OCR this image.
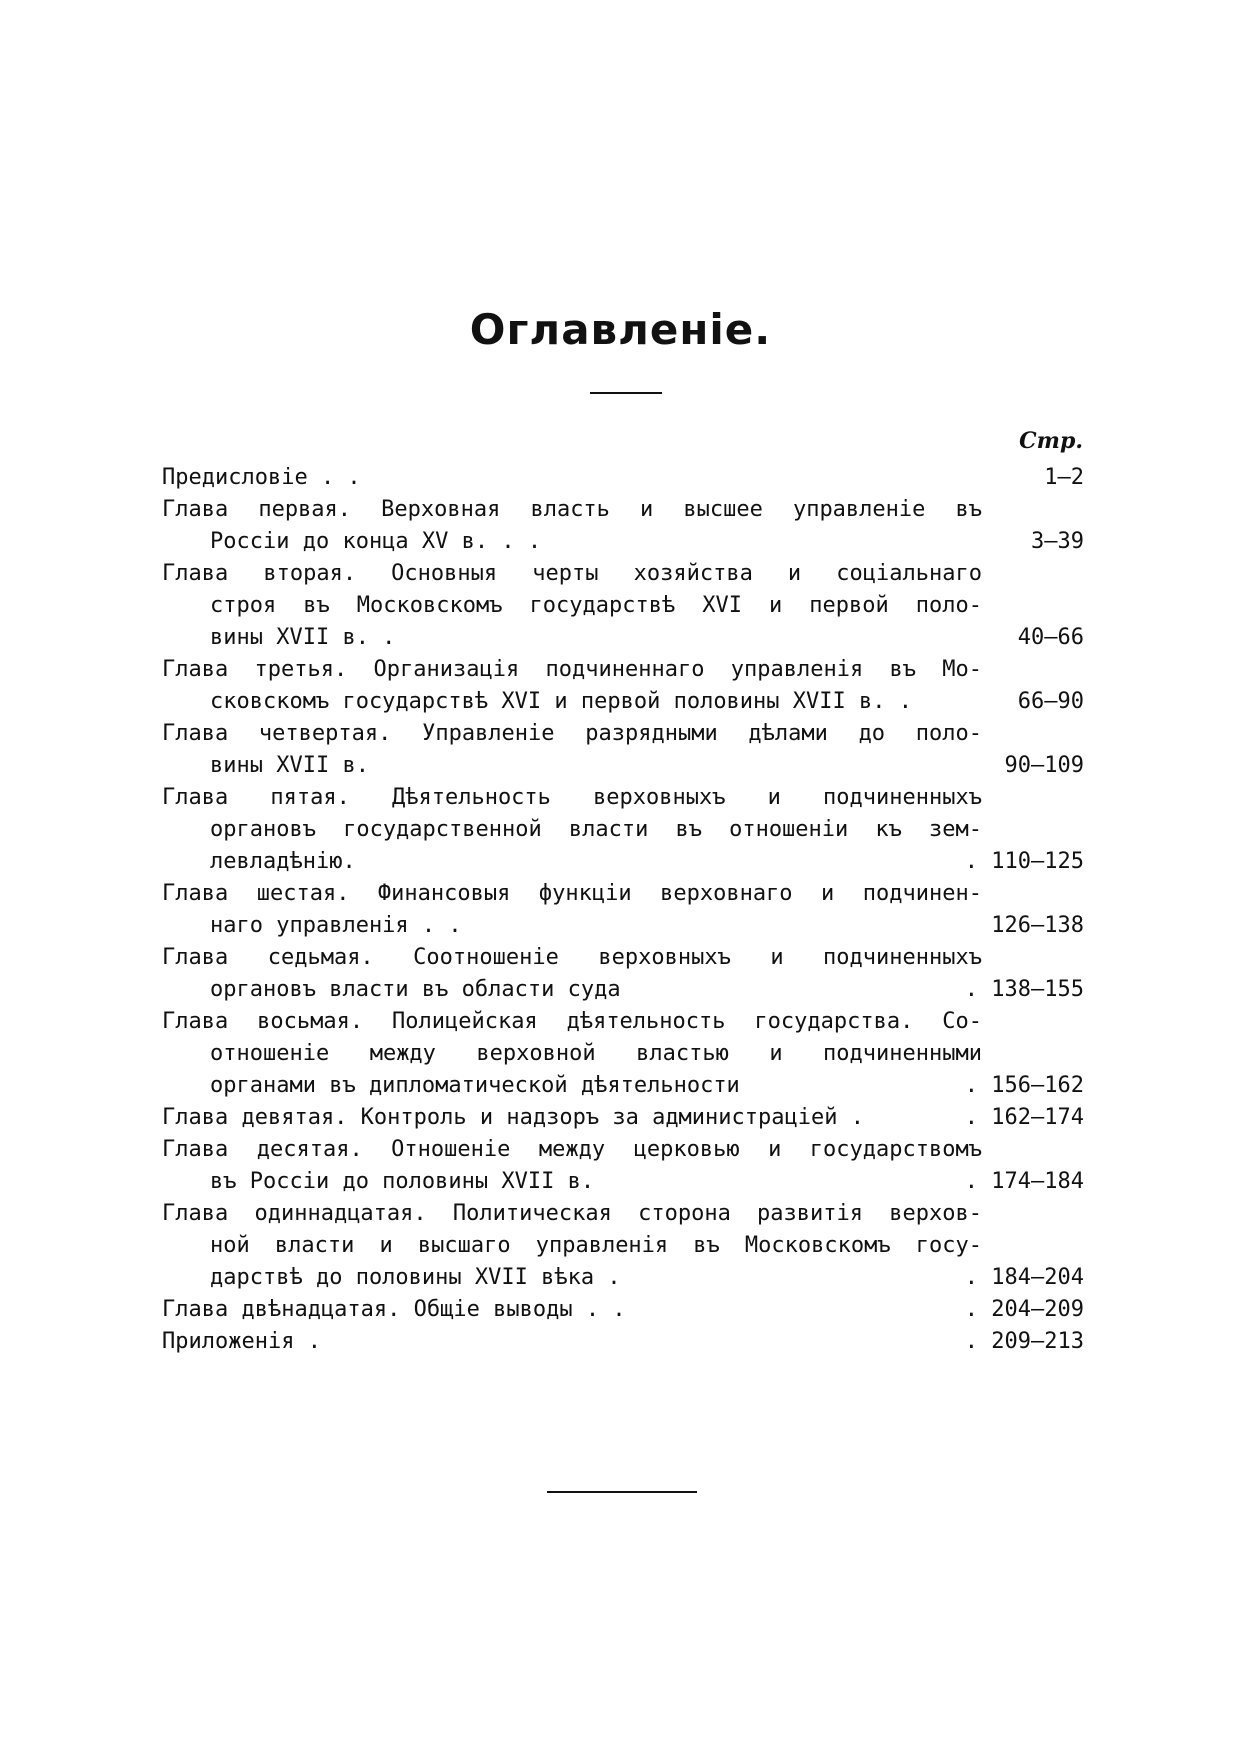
Оглавленіе.
Стр.
Предисловіе . .	1—2
Глава первая. Верховная власть и высшее управленіе въ
Россіи до конца XV в. . .	3—39
Глава вторая. Основныя черты хозяйства и соціальнаго
строя въ Московскомъ государствѣ XVI и первой поло-
вины XVII в. .	40—66
Глава третья. Организація подчиненнаго управленія въ Мо-
сковскомъ государствѣ XVI и первой половины XVII в. .	66—90
Глава четвертая. Управленіе разрядными дѣлами до поло-
вины XVII в.	90—109
Глава пятая. Дѣятельность верховныхъ и подчиненныхъ
органовъ государственной власти въ отношеніи къ зем-
левладѣнію.	. 110—125
Глава шестая. Финансовыя функціи верховнаго и подчинен-
наго управленія . .	126—138
Глава седьмая. Соотношеніе верховныхъ и подчиненныхъ
органовъ власти въ области суда	. 138—155
Глава восьмая. Полицейская дѣятельность государства. Со-
отношеніе между верховной властью и подчиненными
органами въ дипломатической дѣятельности	. 156—162
Глава девятая. Контроль и надзоръ за администраціей .	. 162—174
Глава десятая. Отношеніе между церковью и государствомъ
въ Россіи до половины XVII в.	. 174—184
Глава одиннадцатая. Политическая сторона развитія верхов-
ной власти и высшаго управленія въ Московскомъ госу-
дарствѣ до половины XVII вѣка .	. 184—204
Глава двѣнадцатая. Общіе выводы . .	. 204—209
Приложенія .	. 209—213
